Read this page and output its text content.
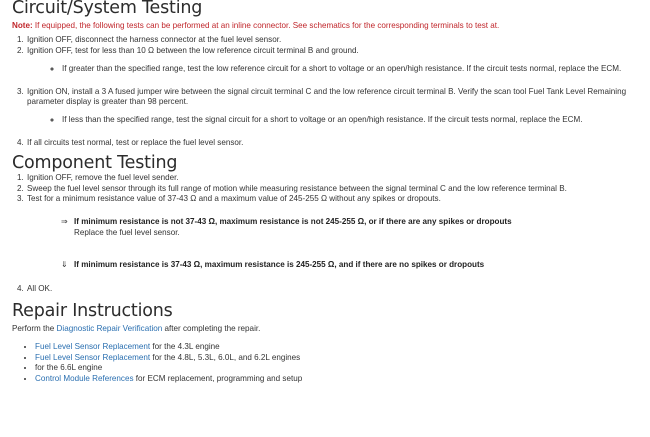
Circuit/System Testing
Note: If equipped, the following tests can be performed at an inline connector. See schematics for the corresponding terminals to test at.
1. Ignition OFF, disconnect the harness connector at the fuel level sensor.
2. Ignition OFF, test for less than 10 Ω between the low reference circuit terminal B and ground.
◦ If greater than the specified range, test the low reference circuit for a short to voltage or an open/high resistance. If the circuit tests normal, replace the ECM.
3. Ignition ON, install a 3 A fused jumper wire between the signal circuit terminal C and the low reference circuit terminal B. Verify the scan tool Fuel Tank Level Remaining parameter display is greater than 98 percent.
◦ If less than the specified range, test the signal circuit for a short to voltage or an open/high resistance. If the circuit tests normal, replace the ECM.
4. If all circuits test normal, test or replace the fuel level sensor.
Component Testing
1. Ignition OFF, remove the fuel level sender.
2. Sweep the fuel level sensor through its full range of motion while measuring resistance between the signal terminal C and the low reference terminal B.
3. Test for a minimum resistance value of 37-43 Ω and a maximum value of 245-255 Ω without any spikes or dropouts.
⇒ If minimum resistance is not 37-43 Ω, maximum resistance is not 245-255 Ω, or if there are any spikes or dropouts
Replace the fuel level sensor.
⇓ If minimum resistance is 37-43 Ω, maximum resistance is 245-255 Ω, and if there are no spikes or dropouts
4. All OK.
Repair Instructions
Perform the Diagnostic Repair Verification after completing the repair.
• Fuel Level Sensor Replacement for the 4.3L engine
• Fuel Level Sensor Replacement for the 4.8L, 5.3L, 6.0L, and 6.2L engines
• for the 6.6L engine
• Control Module References for ECM replacement, programming and setup
